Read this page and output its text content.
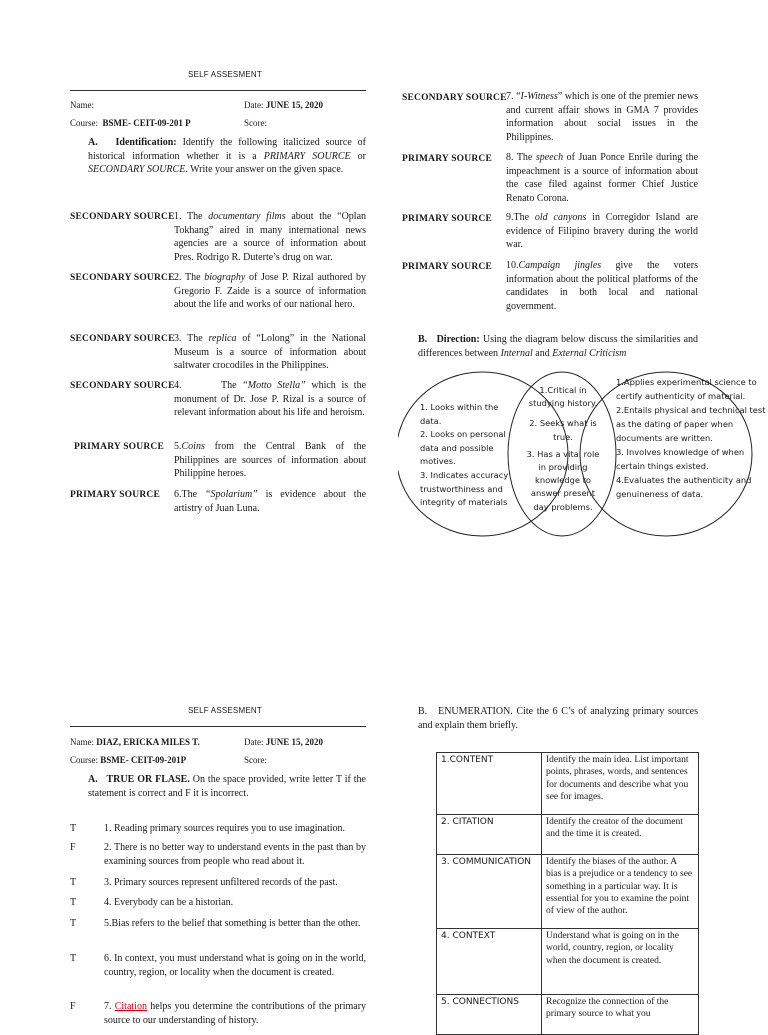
SELF ASSESMENT
Name:	Date: JUNE 15, 2020
Course: BSME- CEIT-09-201 P	Score:
A. Identification: Identify the following italicized source of historical information whether it is a PRIMARY SOURCE or SECONDARY SOURCE. Write your answer on the given space.
SECONDARY SOURCE 1. The documentary films about the “Oplan Tokhang” aired in many international news agencies are a source of information about Pres. Rodrigo R. Duterte’s drug on war.
SECONDARY SOURCE 2. The biography of Jose P. Rizal authored by Gregorio F. Zaide is a source of information about the life and works of our national hero.
SECONDARY SOURCE 3. The replica of “Lolong” in the National Museum is a source of information about saltwater crocodiles in the Philippines.
SECONDARY SOURCE 4.       The “Motto Stella” which is the monument of Dr. Jose P. Rizal is a source of relevant information about his life and heroism.
PRIMARY SOURCE 5.Coins from the Central Bank of the Philippines are sources of information about Philippine heroes.
PRIMARY SOURCE 6.The “Spolarium” is evidence about the artistry of Juan Luna.
SECONDARY SOURCE 7. “I-Witness” which is one of the premier news and current affair shows in GMA 7 provides information about social issues in the Philippines.
PRIMARY SOURCE 8. The speech of Juan Ponce Enrile during the impeachment is a source of information about the case filed against former Chief Justice Renato Corona.
PRIMARY SOURCE 9.The old canyons in Corregidor Island are evidence of Filipino bravery during the world war.
PRIMARY SOURCE 10.Campaign jingles give the voters information about the political platforms of the candidates in both local and national government.
B. Direction: Using the diagram below discuss the similarities and differences between Internal and External Criticism
1. Looks within the data.
2. Looks on personal data and possible motives.
3. Indicates accuracy trustworthiness and integrity of materials
1.Critical in studying history.
2. Seeks what is true.
3. Has a vital role in providing knowledge to answer present day problems.
1.Applies experimental science to certify authenticity of material.
2.Entails physical and technical test as the dating of paper when documents are written.
3. Involves knowledge of when certain things existed.
4.Evaluates the authenticity and genuineness of data.
SELF ASSESMENT
Name: DIAZ, ERICKA MILES T.	Date: JUNE 15, 2020
Course: BSME- CEIT-09-201P	Score:
A. TRUE OR FLASE. On the space provided, write letter T if the statement is correct and F it is incorrect.
T	1. Reading primary sources requires you to use imagination.
F	2. There is no better way to understand events in the past than by examining sources from people who read about it.
T	3. Primary sources represent unfiltered records of the past.
T	4. Everybody can be a historian.
T	5.Bias refers to the belief that something is better than the other.
T	6. In context, you must understand what is going on in the world, country, region, or locality when the document is created.
F	7. Citation helps you determine the contributions of the primary source to our understanding of history.
B. ENUMERATION. Cite the 6 C’s of analyzing primary sources and explain them briefly.
1.CONTENT	Identify the main idea. List important points, phrases, words, and sentences for documents and describe what you see for images.
2. CITATION	Identify the creator of the document and the time it is created.
3. COMMUNICATION	Identify the biases of the author. A bias is a prejudice or a tendency to see something in a particular way. It is essential for you to examine the point of view of the author.
4. CONTEXT	Understand what is going on in the world, country, region, or locality when the document is created.
5. CONNECTIONS	Recognize the connection of the primary source to what you
